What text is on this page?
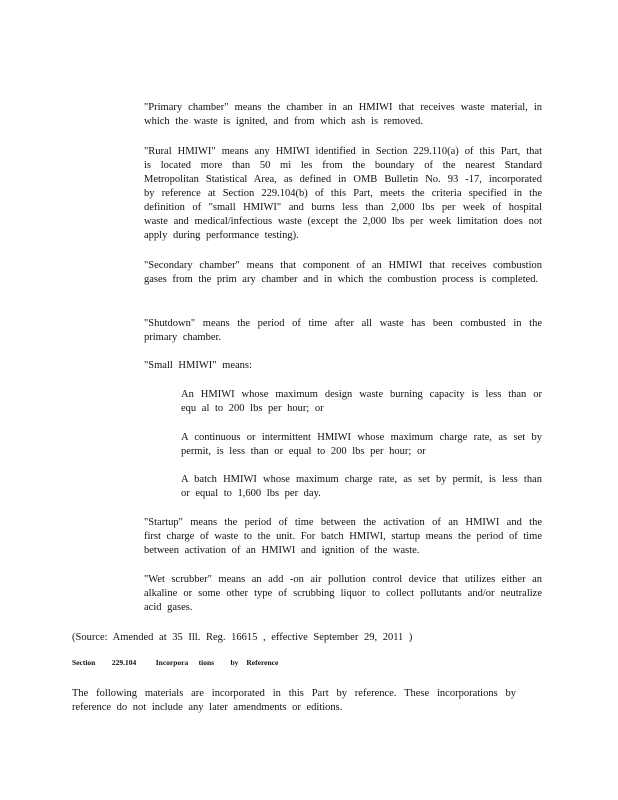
"Primary chamber" means the chamber in an HMIWI that receives waste material, in which the waste is ignited, and from which ash is removed.

"Rural HMIWI" means any HMIWI identified in Section 229.110(a) of this Part, that is located more than 50 mi les from the boundary of the nearest Standard Metropolitan Statistical Area, as defined in OMB Bulletin No. 93 -17, incorporated by reference at Section 229.104(b) of this Part, meets the criteria specified in the definition of "small HMIWI" and burns less than 2,000 lbs per week of hospital waste and medical/infectious waste (except the 2,000 lbs per week limitation does not apply during performance testing).

"Secondary chamber" means that component of an HMIWI that receives combustion gases from the prim ary chamber and in which the combustion process is completed.

"Shutdown" means the period of time after all waste has been combusted in the primary chamber.

"Small HMIWI" means:

An HMIWI whose maximum design waste burning capacity is less than or equ al to 200 lbs per hour; or

A continuous or intermittent HMIWI whose maximum charge rate, as set by permit, is less than or equal to 200 lbs per hour; or

A batch HMIWI whose maximum charge rate, as set by permit, is less than or equal to 1,600 lbs per day.

"Startup" means the period of time between the activation of an HMIWI and the first charge of waste to the unit. For batch HMIWI, startup means the period of time between activation of an HMIWI and ignition of the waste.

"Wet scrubber" means an add -on air pollution control device that utilizes either an alkaline or some other type of scrubbing liquor to collect pollutants and/or neutralize acid gases.

(Source: Amended at 35 Ill. Reg. 16615 , effective September 29, 2011 )
Section 229.104	Incorpora tions by Reference

The following materials are incorporated in this Part by reference. These incorporations by reference do not include any later amendments or editions.
